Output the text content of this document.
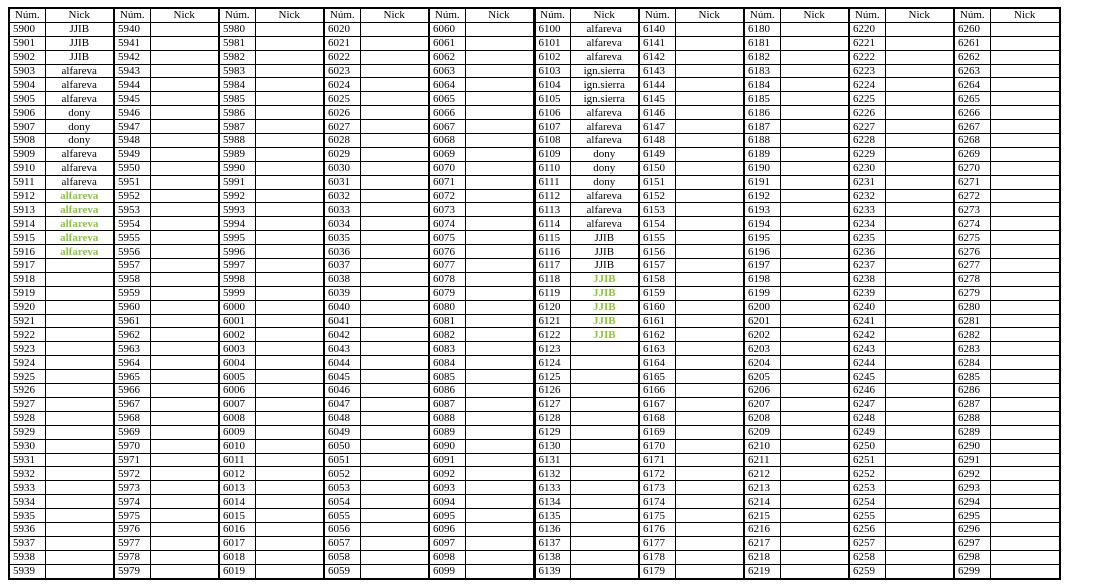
Núm.	Nick	Núm.	Nick	Núm.	Nick	Núm.	Nick	Núm.	Nick	Núm.	Nick	Núm.	Nick	Núm.	Nick	Núm.	Nick	Núm.	Nick
5900	JJIB	5940		5980		6020		6060		6100	alfareva	6140		6180		6220		6260	
5901	JJIB	5941		5981		6021		6061		6101	alfareva	6141		6181		6221		6261	
5902	JJIB	5942		5982		6022		6062		6102	alfareva	6142		6182		6222		6262	
5903	alfareva	5943		5983		6023		6063		6103	ign.sierra	6143		6183		6223		6263	
5904	alfareva	5944		5984		6024		6064		6104	ign.sierra	6144		6184		6224		6264	
5905	alfareva	5945		5985		6025		6065		6105	ign.sierra	6145		6185		6225		6265	
5906	dony	5946		5986		6026		6066		6106	alfareva	6146		6186		6226		6266	
5907	dony	5947		5987		6027		6067		6107	alfareva	6147		6187		6227		6267	
5908	dony	5948		5988		6028		6068		6108	alfareva	6148		6188		6228		6268	
5909	alfareva	5949		5989		6029		6069		6109	dony	6149		6189		6229		6269	
5910	alfareva	5950		5990		6030		6070		6110	dony	6150		6190		6230		6270	
5911	alfareva	5951		5991		6031		6071		6111	dony	6151		6191		6231		6271	
5912	alfareva	5952		5992		6032		6072		6112	alfareva	6152		6192		6232		6272	
5913	alfareva	5953		5993		6033		6073		6113	alfareva	6153		6193		6233		6273	
5914	alfareva	5954		5994		6034		6074		6114	alfareva	6154		6194		6234		6274	
5915	alfareva	5955		5995		6035		6075		6115	JJIB	6155		6195		6235		6275	
5916	alfareva	5956		5996		6036		6076		6116	JJIB	6156		6196		6236		6276	
5917		5957		5997		6037		6077		6117	JJIB	6157		6197		6237		6277	
5918		5958		5998		6038		6078		6118	JJIB	6158		6198		6238		6278	
5919		5959		5999		6039		6079		6119	JJIB	6159		6199		6239		6279	
5920		5960		6000		6040		6080		6120	JJIB	6160		6200		6240		6280	
5921		5961		6001		6041		6081		6121	JJIB	6161		6201		6241		6281	
5922		5962		6002		6042		6082		6122	JJIB	6162		6202		6242		6282	
5923		5963		6003		6043		6083		6123		6163		6203		6243		6283	
5924		5964		6004		6044		6084		6124		6164		6204		6244		6284	
5925		5965		6005		6045		6085		6125		6165		6205		6245		6285	
5926		5966		6006		6046		6086		6126		6166		6206		6246		6286	
5927		5967		6007		6047		6087		6127		6167		6207		6247		6287	
5928		5968		6008		6048		6088		6128		6168		6208		6248		6288	
5929		5969		6009		6049		6089		6129		6169		6209		6249		6289	
5930		5970		6010		6050		6090		6130		6170		6210		6250		6290	
5931		5971		6011		6051		6091		6131		6171		6211		6251		6291	
5932		5972		6012		6052		6092		6132		6172		6212		6252		6292	
5933		5973		6013		6053		6093		6133		6173		6213		6253		6293	
5934		5974		6014		6054		6094		6134		6174		6214		6254		6294	
5935		5975		6015		6055		6095		6135		6175		6215		6255		6295	
5936		5976		6016		6056		6096		6136		6176		6216		6256		6296	
5937		5977		6017		6057		6097		6137		6177		6217		6257		6297	
5938		5978		6018		6058		6098		6138		6178		6218		6258		6298	
5939		5979		6019		6059		6099		6139		6179		6219		6259		6299	
